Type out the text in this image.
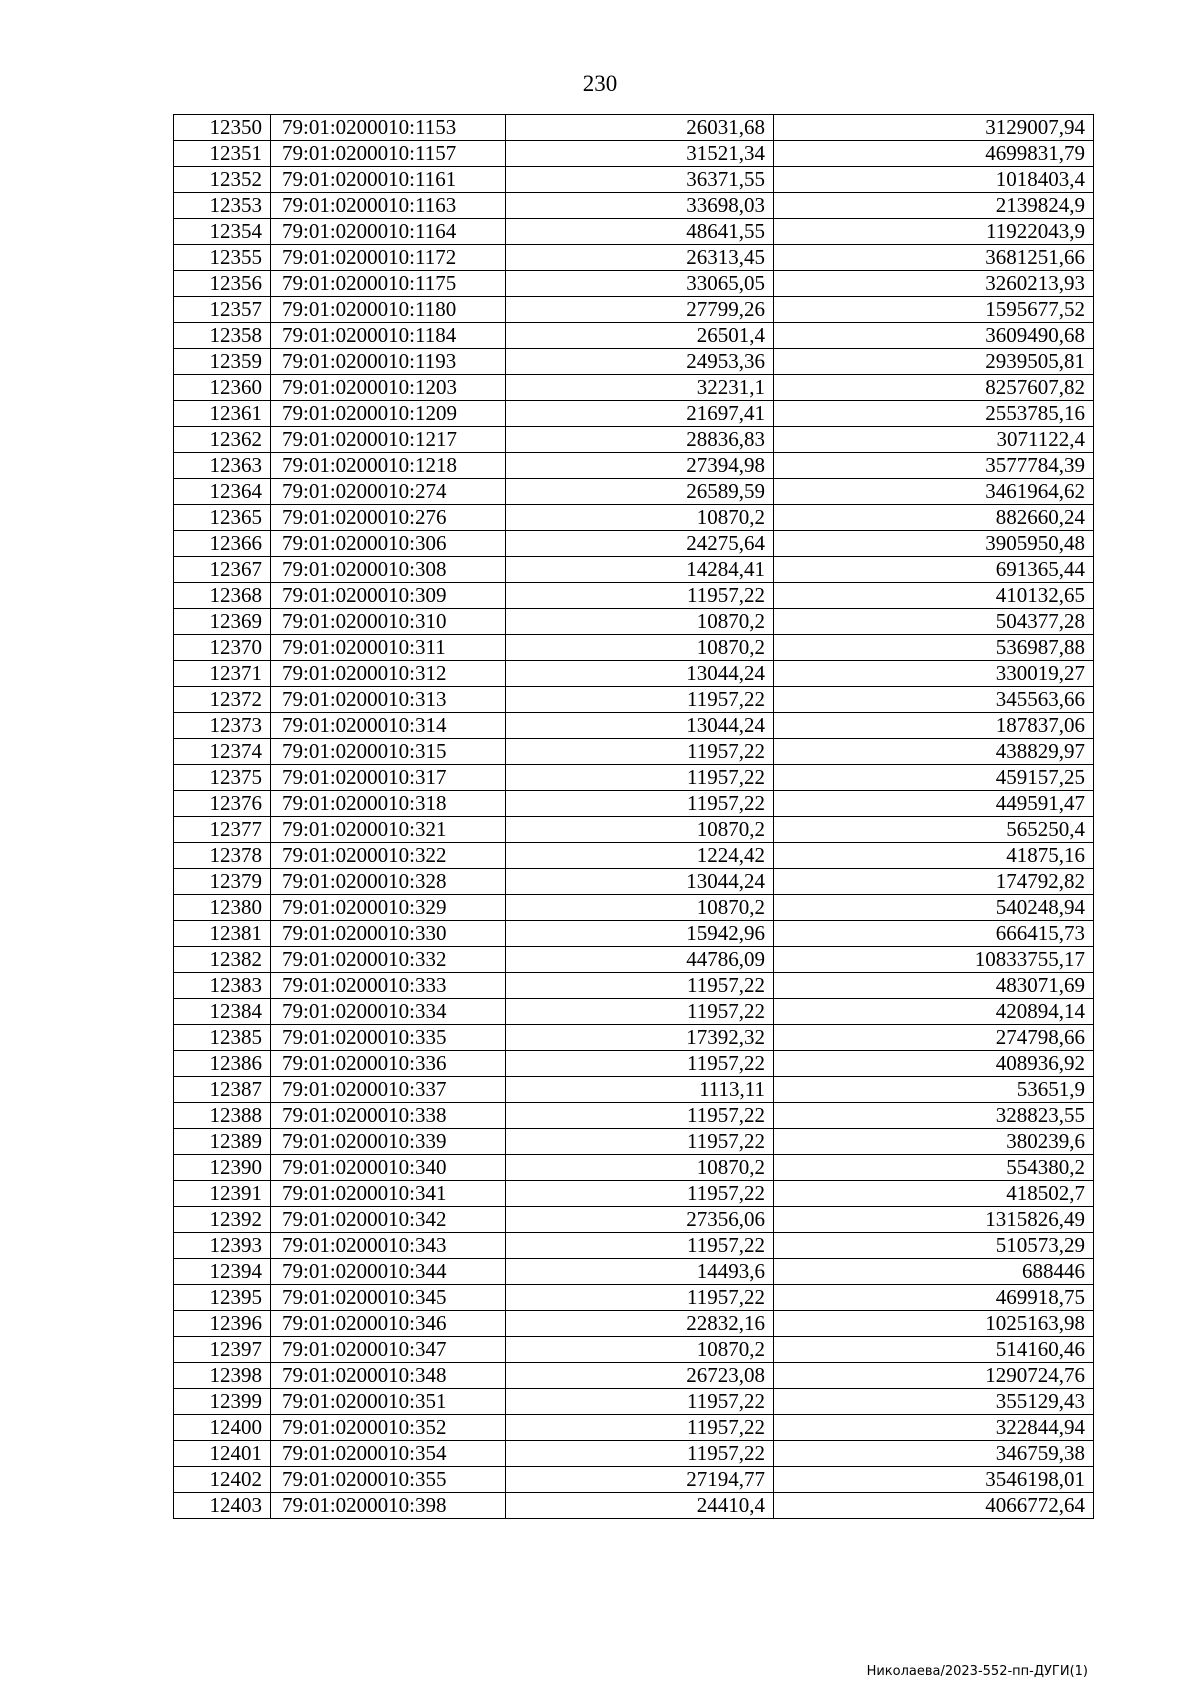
230
12350	79:01:0200010:1153	26031,68	3129007,94
12351	79:01:0200010:1157	31521,34	4699831,79
12352	79:01:0200010:1161	36371,55	1018403,4
12353	79:01:0200010:1163	33698,03	2139824,9
12354	79:01:0200010:1164	48641,55	11922043,9
12355	79:01:0200010:1172	26313,45	3681251,66
12356	79:01:0200010:1175	33065,05	3260213,93
12357	79:01:0200010:1180	27799,26	1595677,52
12358	79:01:0200010:1184	26501,4	3609490,68
12359	79:01:0200010:1193	24953,36	2939505,81
12360	79:01:0200010:1203	32231,1	8257607,82
12361	79:01:0200010:1209	21697,41	2553785,16
12362	79:01:0200010:1217	28836,83	3071122,4
12363	79:01:0200010:1218	27394,98	3577784,39
12364	79:01:0200010:274	26589,59	3461964,62
12365	79:01:0200010:276	10870,2	882660,24
12366	79:01:0200010:306	24275,64	3905950,48
12367	79:01:0200010:308	14284,41	691365,44
12368	79:01:0200010:309	11957,22	410132,65
12369	79:01:0200010:310	10870,2	504377,28
12370	79:01:0200010:311	10870,2	536987,88
12371	79:01:0200010:312	13044,24	330019,27
12372	79:01:0200010:313	11957,22	345563,66
12373	79:01:0200010:314	13044,24	187837,06
12374	79:01:0200010:315	11957,22	438829,97
12375	79:01:0200010:317	11957,22	459157,25
12376	79:01:0200010:318	11957,22	449591,47
12377	79:01:0200010:321	10870,2	565250,4
12378	79:01:0200010:322	1224,42	41875,16
12379	79:01:0200010:328	13044,24	174792,82
12380	79:01:0200010:329	10870,2	540248,94
12381	79:01:0200010:330	15942,96	666415,73
12382	79:01:0200010:332	44786,09	10833755,17
12383	79:01:0200010:333	11957,22	483071,69
12384	79:01:0200010:334	11957,22	420894,14
12385	79:01:0200010:335	17392,32	274798,66
12386	79:01:0200010:336	11957,22	408936,92
12387	79:01:0200010:337	1113,11	53651,9
12388	79:01:0200010:338	11957,22	328823,55
12389	79:01:0200010:339	11957,22	380239,6
12390	79:01:0200010:340	10870,2	554380,2
12391	79:01:0200010:341	11957,22	418502,7
12392	79:01:0200010:342	27356,06	1315826,49
12393	79:01:0200010:343	11957,22	510573,29
12394	79:01:0200010:344	14493,6	688446
12395	79:01:0200010:345	11957,22	469918,75
12396	79:01:0200010:346	22832,16	1025163,98
12397	79:01:0200010:347	10870,2	514160,46
12398	79:01:0200010:348	26723,08	1290724,76
12399	79:01:0200010:351	11957,22	355129,43
12400	79:01:0200010:352	11957,22	322844,94
12401	79:01:0200010:354	11957,22	346759,38
12402	79:01:0200010:355	27194,77	3546198,01
12403	79:01:0200010:398	24410,4	4066772,64
Николаева/2023-552-пп-ДУГИ(1)
